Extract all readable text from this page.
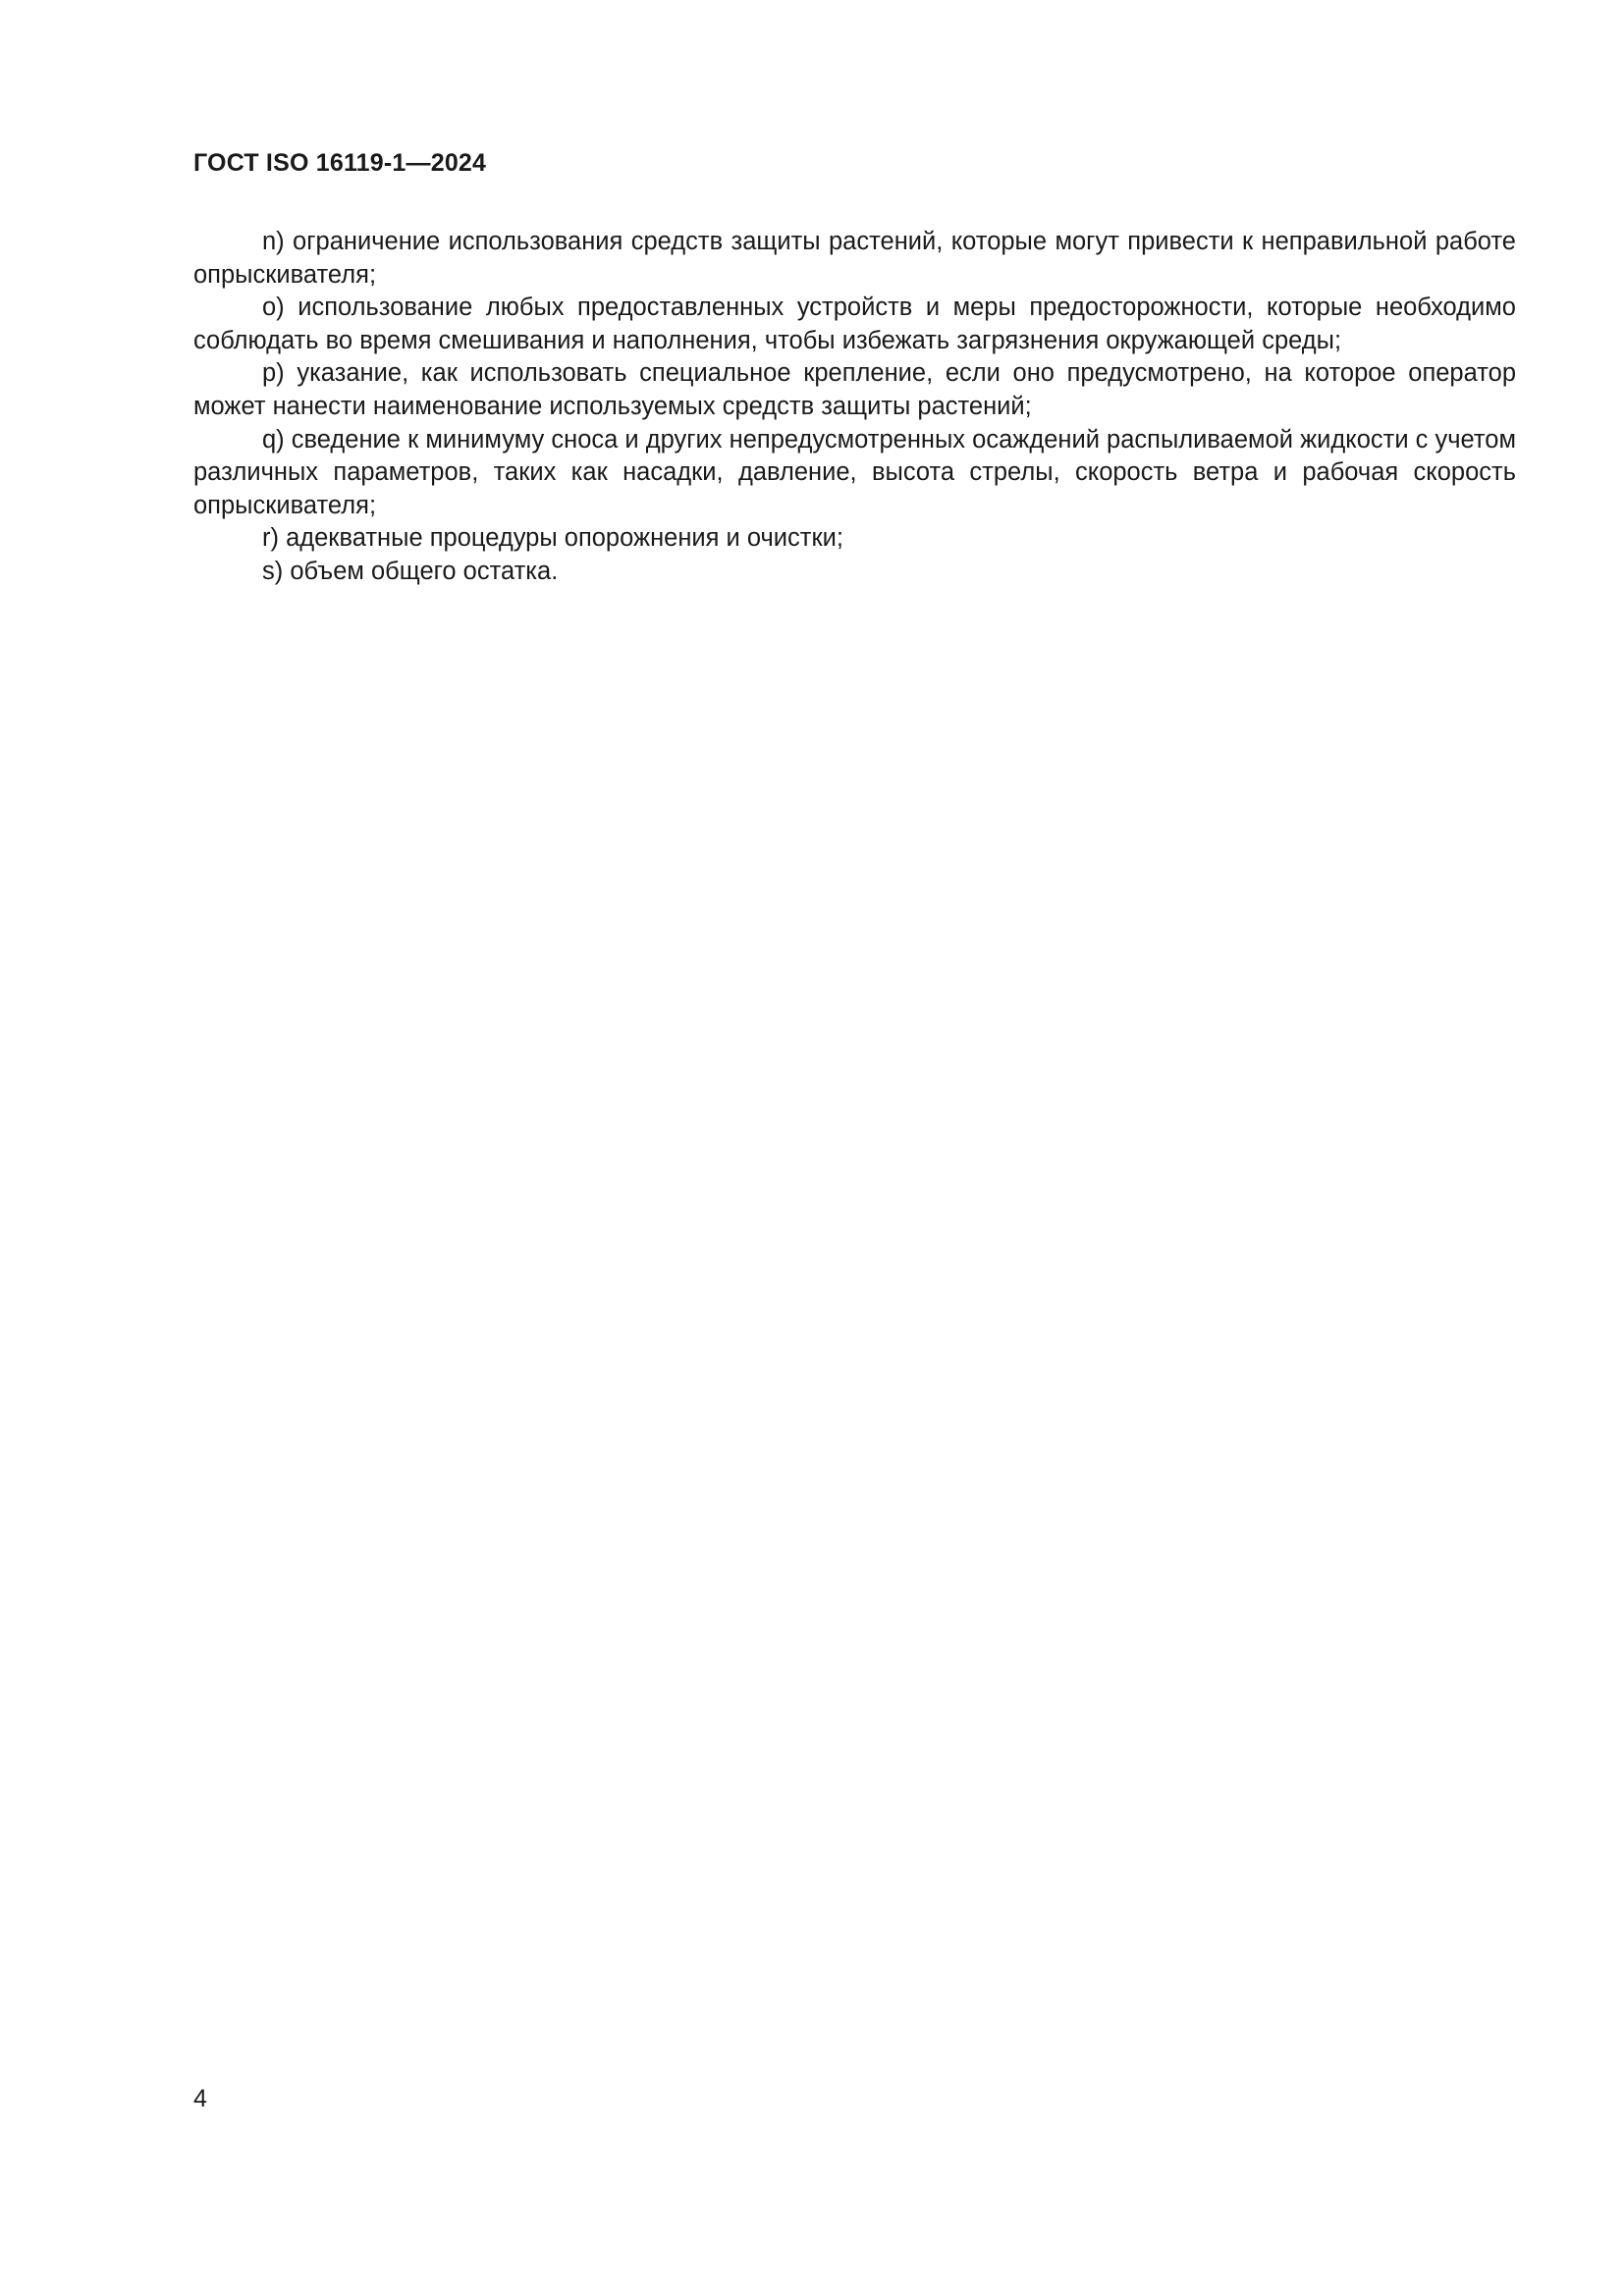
ГОСТ ISO 16119-1—2024

n) ограничение использования средств защиты растений, которые могут привести к неправильной работе опрыскивателя;

о) использование любых предоставленных устройств и меры предосторожности, которые необходимо соблюдать во время смешивания и наполнения, чтобы избежать загрязнения окружающей среды;

р) указание, как использовать специальное крепление, если оно предусмотрено, на которое оператор может нанести наименование используемых средств защиты растений;

q) сведение к минимуму сноса и других непредусмотренных осаждений распыливаемой жидкости с учетом различных параметров, таких как насадки, давление, высота стрелы, скорость ветра и рабочая скорость опрыскивателя;

r) адекватные процедуры опорожнения и очистки;

s) объем общего остатка.

4
